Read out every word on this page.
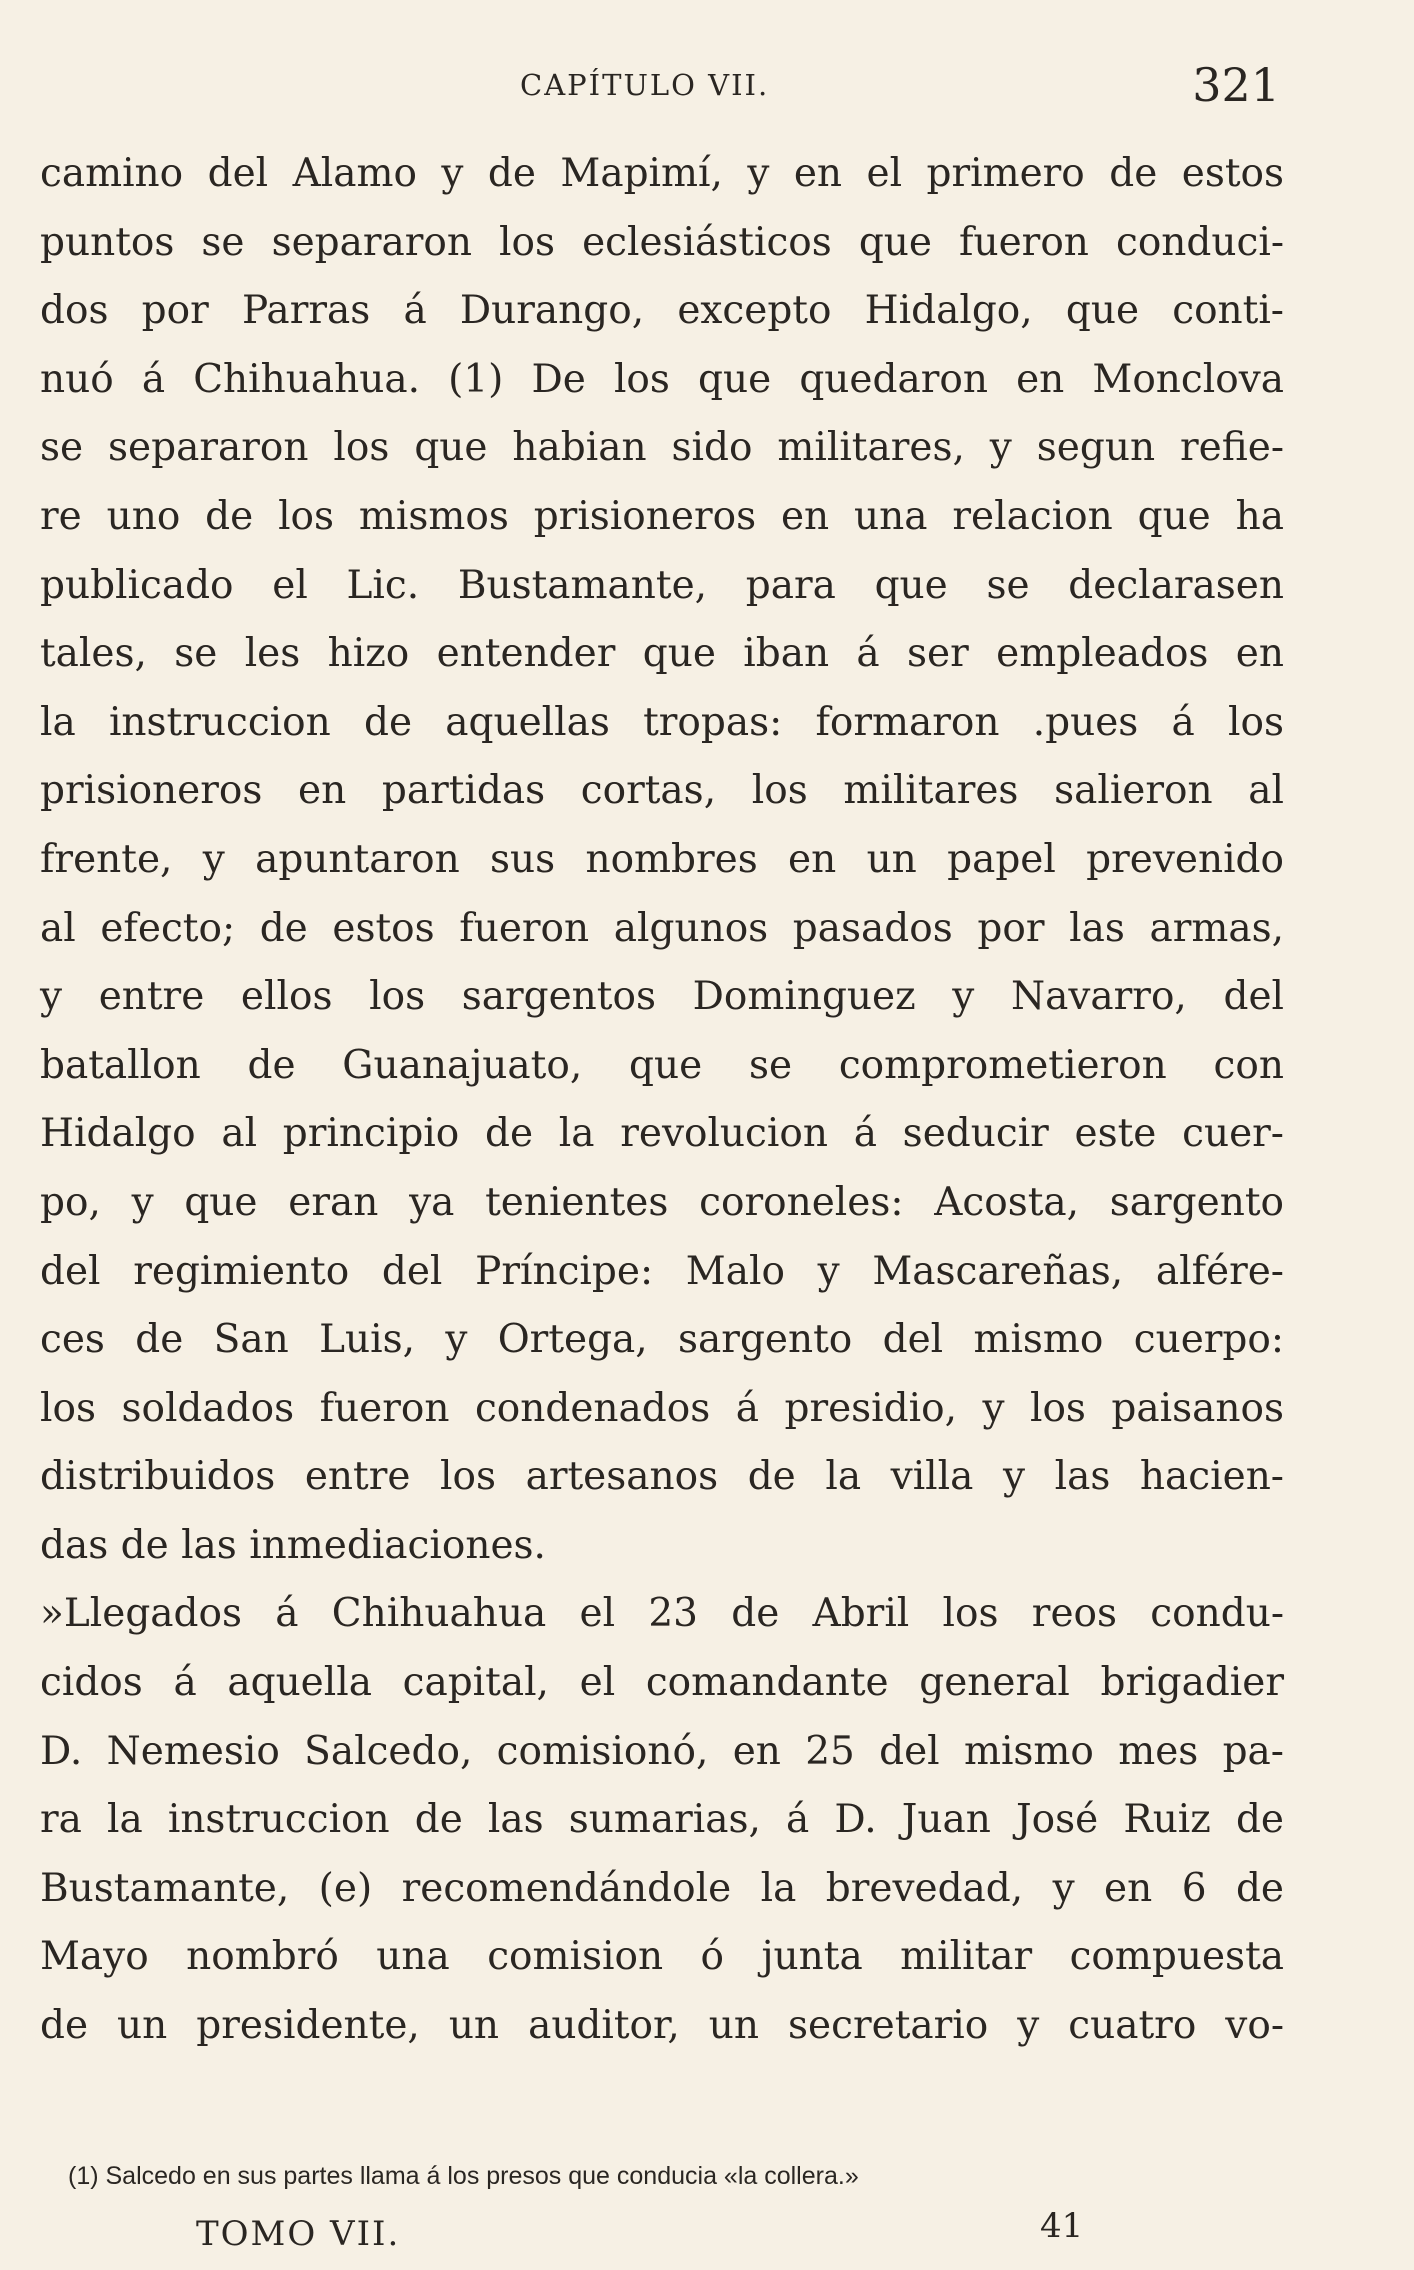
CAPÍTULO VII.	321
camino del Alamo y de Mapimí, y en el primero de estos
puntos se separaron los eclesiásticos que fueron conduci-
dos por Parras á Durango, excepto Hidalgo, que conti-
nuó á Chihuahua. (1) De los que quedaron en Monclova
se separaron los que habian sido militares, y segun refie-
re uno de los mismos prisioneros en una relacion que ha
publicado el Lic. Bustamante, para que se declarasen
tales, se les hizo entender que iban á ser empleados en
la instruccion de aquellas tropas: formaron .pues á los
prisioneros en partidas cortas, los militares salieron al
frente, y apuntaron sus nombres en un papel prevenido
al efecto; de estos fueron algunos pasados por las armas,
y entre ellos los sargentos Dominguez y Navarro, del
batallon de Guanajuato, que se comprometieron con
Hidalgo al principio de la revolucion á seducir este cuer-
po, y que eran ya tenientes coroneles: Acosta, sargento
del regimiento del Príncipe: Malo y Mascareñas, alfére-
ces de San Luis, y Ortega, sargento del mismo cuerpo:
los soldados fueron condenados á presidio, y los paisanos
distribuidos entre los artesanos de la villa y las hacien-
das de las inmediaciones.
»Llegados á Chihuahua el 23 de Abril los reos condu-
cidos á aquella capital, el comandante general brigadier
D. Nemesio Salcedo, comisionó, en 25 del mismo mes pa-
ra la instruccion de las sumarias, á D. Juan José Ruiz de
Bustamante, (e) recomendándole la brevedad, y en 6 de
Mayo nombró una comision ó junta militar compuesta
de un presidente, un auditor, un secretario y cuatro vo-
(1) Salcedo en sus partes llama á los presos que conducia «la collera.»
TOMO VII.	41
